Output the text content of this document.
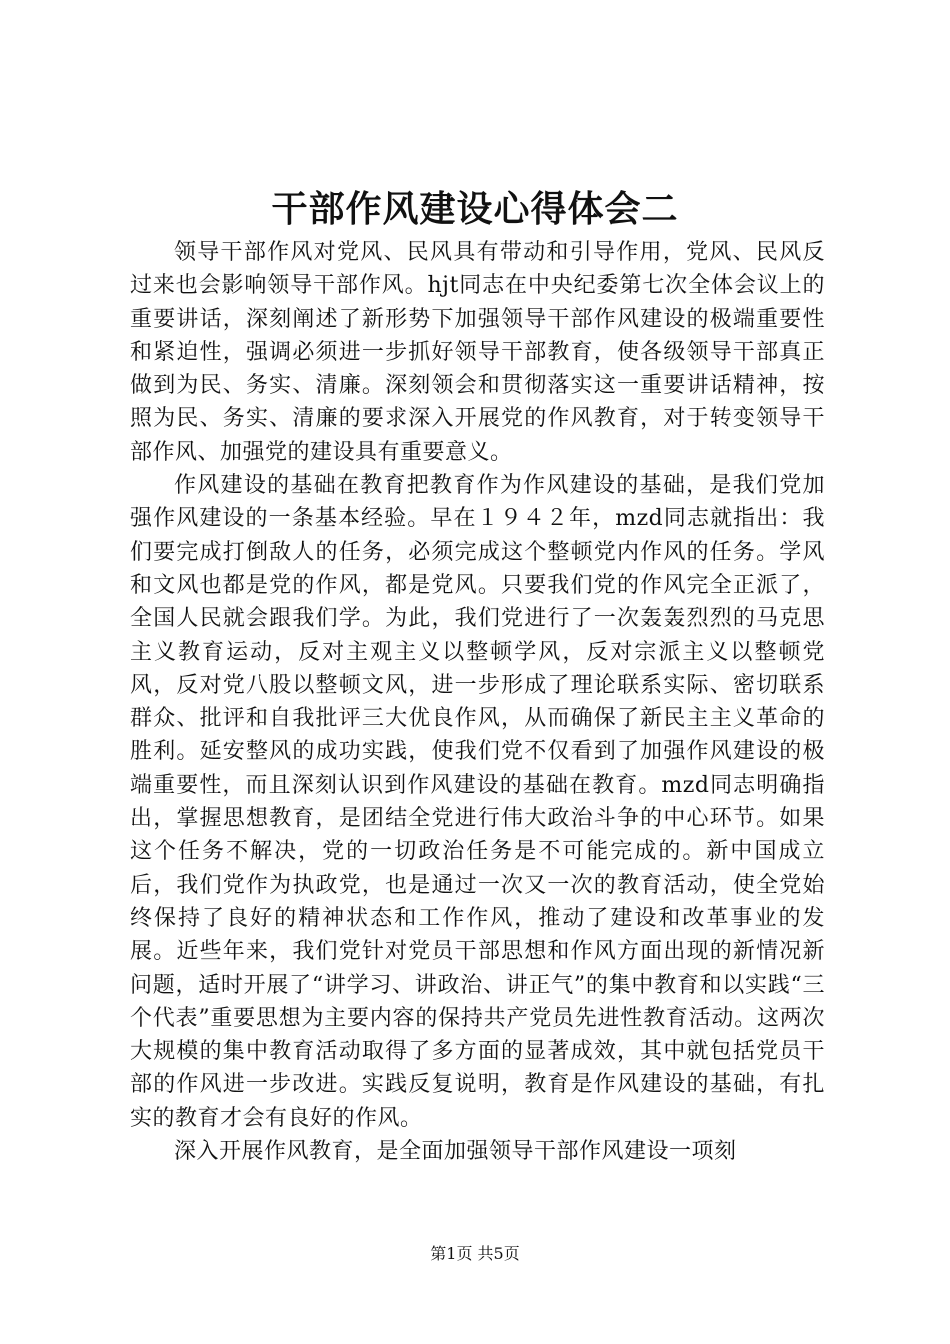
干部作风建设心得体会二

领导干部作风对党风、民风具有带动和引导作用，党风、民风反过来也会影响领导干部作风。hjt同志在中央纪委第七次全体会议上的重要讲话，深刻阐述了新形势下加强领导干部作风建设的极端重要性和紧迫性，强调必须进一步抓好领导干部教育，使各级领导干部真正做到为民、务实、清廉。深刻领会和贯彻落实这一重要讲话精神，按照为民、务实、清廉的要求深入开展党的作风教育，对于转变领导干部作风、加强党的建设具有重要意义。

作风建设的基础在教育把教育作为作风建设的基础，是我们党加强作风建设的一条基本经验。早在１９４２年，mzd同志就指出：我们要完成打倒敌人的任务，必须完成这个整顿党内作风的任务。学风和文风也都是党的作风，都是党风。只要我们党的作风完全正派了，全国人民就会跟我们学。为此，我们党进行了一次轰轰烈烈的马克思主义教育运动，反对主观主义以整顿学风，反对宗派主义以整顿党风，反对党八股以整顿文风，进一步形成了理论联系实际、密切联系群众、批评和自我批评三大优良作风，从而确保了新民主主义革命的胜利。延安整风的成功实践，使我们党不仅看到了加强作风建设的极端重要性，而且深刻认识到作风建设的基础在教育。mzd同志明确指出，掌握思想教育，是团结全党进行伟大政治斗争的中心环节。如果这个任务不解决，党的一切政治任务是不可能完成的。新中国成立后，我们党作为执政党，也是通过一次又一次的教育活动，使全党始终保持了良好的精神状态和工作作风，推动了建设和改革事业的发展。近些年来，我们党针对党员干部思想和作风方面出现的新情况新问题，适时开展了“讲学习、讲政治、讲正气”的集中教育和以实践“三个代表”重要思想为主要内容的保持共产党员先进性教育活动。这两次大规模的集中教育活动取得了多方面的显著成效，其中就包括党员干部的作风进一步改进。实践反复说明，教育是作风建设的基础，有扎实的教育才会有良好的作风。

深入开展作风教育，是全面加强领导干部作风建设一项刻

第1页 共5页
